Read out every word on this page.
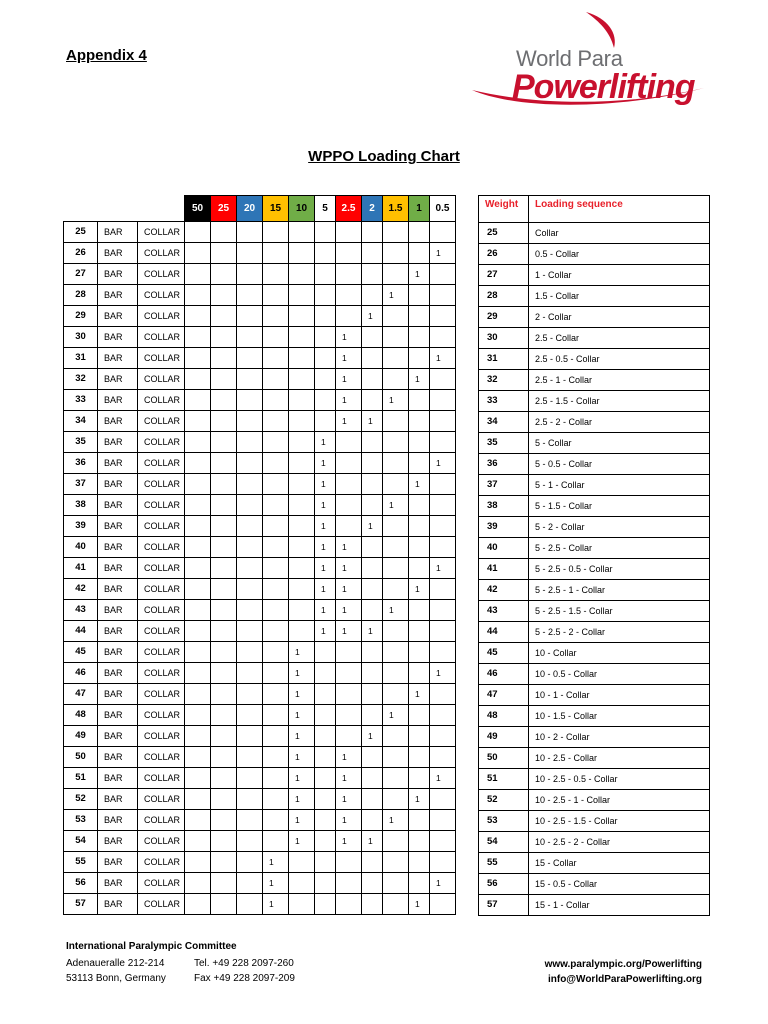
Appendix 4	World Para
Powerlifting
WPPO Loading Chart
			50	25	20	15	10	5	2.5	2	1.5	1	0.5
25	BAR	COLLAR											
26	BAR	COLLAR											1
27	BAR	COLLAR										1	
28	BAR	COLLAR									1		
29	BAR	COLLAR								1			
30	BAR	COLLAR							1				
31	BAR	COLLAR							1				1
32	BAR	COLLAR							1			1	
33	BAR	COLLAR							1		1		
34	BAR	COLLAR							1	1			
35	BAR	COLLAR						1					
36	BAR	COLLAR						1					1
37	BAR	COLLAR						1				1	
38	BAR	COLLAR						1			1		
39	BAR	COLLAR						1		1			
40	BAR	COLLAR						1	1				
41	BAR	COLLAR						1	1				1
42	BAR	COLLAR						1	1			1	
43	BAR	COLLAR						1	1		1		
44	BAR	COLLAR						1	1	1			
45	BAR	COLLAR					1						
46	BAR	COLLAR					1						1
47	BAR	COLLAR					1					1	
48	BAR	COLLAR					1				1		
49	BAR	COLLAR					1			1			
50	BAR	COLLAR					1		1				
51	BAR	COLLAR					1		1				1
52	BAR	COLLAR					1		1			1	
53	BAR	COLLAR					1		1		1		
54	BAR	COLLAR					1		1	1			
55	BAR	COLLAR				1							
56	BAR	COLLAR				1							1
57	BAR	COLLAR				1						1	
Weight	Loading sequence
25	Collar
26	0.5 - Collar
27	1 - Collar
28	1.5 - Collar
29	2 - Collar
30	2.5 - Collar
31	2.5 - 0.5 - Collar
32	2.5 - 1 - Collar
33	2.5 - 1.5 - Collar
34	2.5 - 2 - Collar
35	5 - Collar
36	5 - 0.5 - Collar
37	5 - 1 - Collar
38	5 - 1.5 - Collar
39	5 - 2 - Collar
40	5 - 2.5 - Collar
41	5 - 2.5 - 0.5 - Collar
42	5 - 2.5 - 1 - Collar
43	5 - 2.5 - 1.5 - Collar
44	5 - 2.5 - 2 - Collar
45	10 - Collar
46	10 - 0.5 - Collar
47	10 - 1 - Collar
48	10 - 1.5 - Collar
49	10 - 2 - Collar
50	10 - 2.5 - Collar
51	10 - 2.5 - 0.5 - Collar
52	10 - 2.5 - 1 - Collar
53	10 - 2.5 - 1.5 - Collar
54	10 - 2.5 - 2 - Collar
55	15 - Collar
56	15 - 0.5 - Collar
57	15 - 1 - Collar
International Paralympic Committee
Adenaueralle 212-214
53113 Bonn, Germany
Tel. +49 228 2097-260
Fax +49 228 2097-209
www.paralympic.org/Powerlifting
info@WorldParaPowerlifting.org
